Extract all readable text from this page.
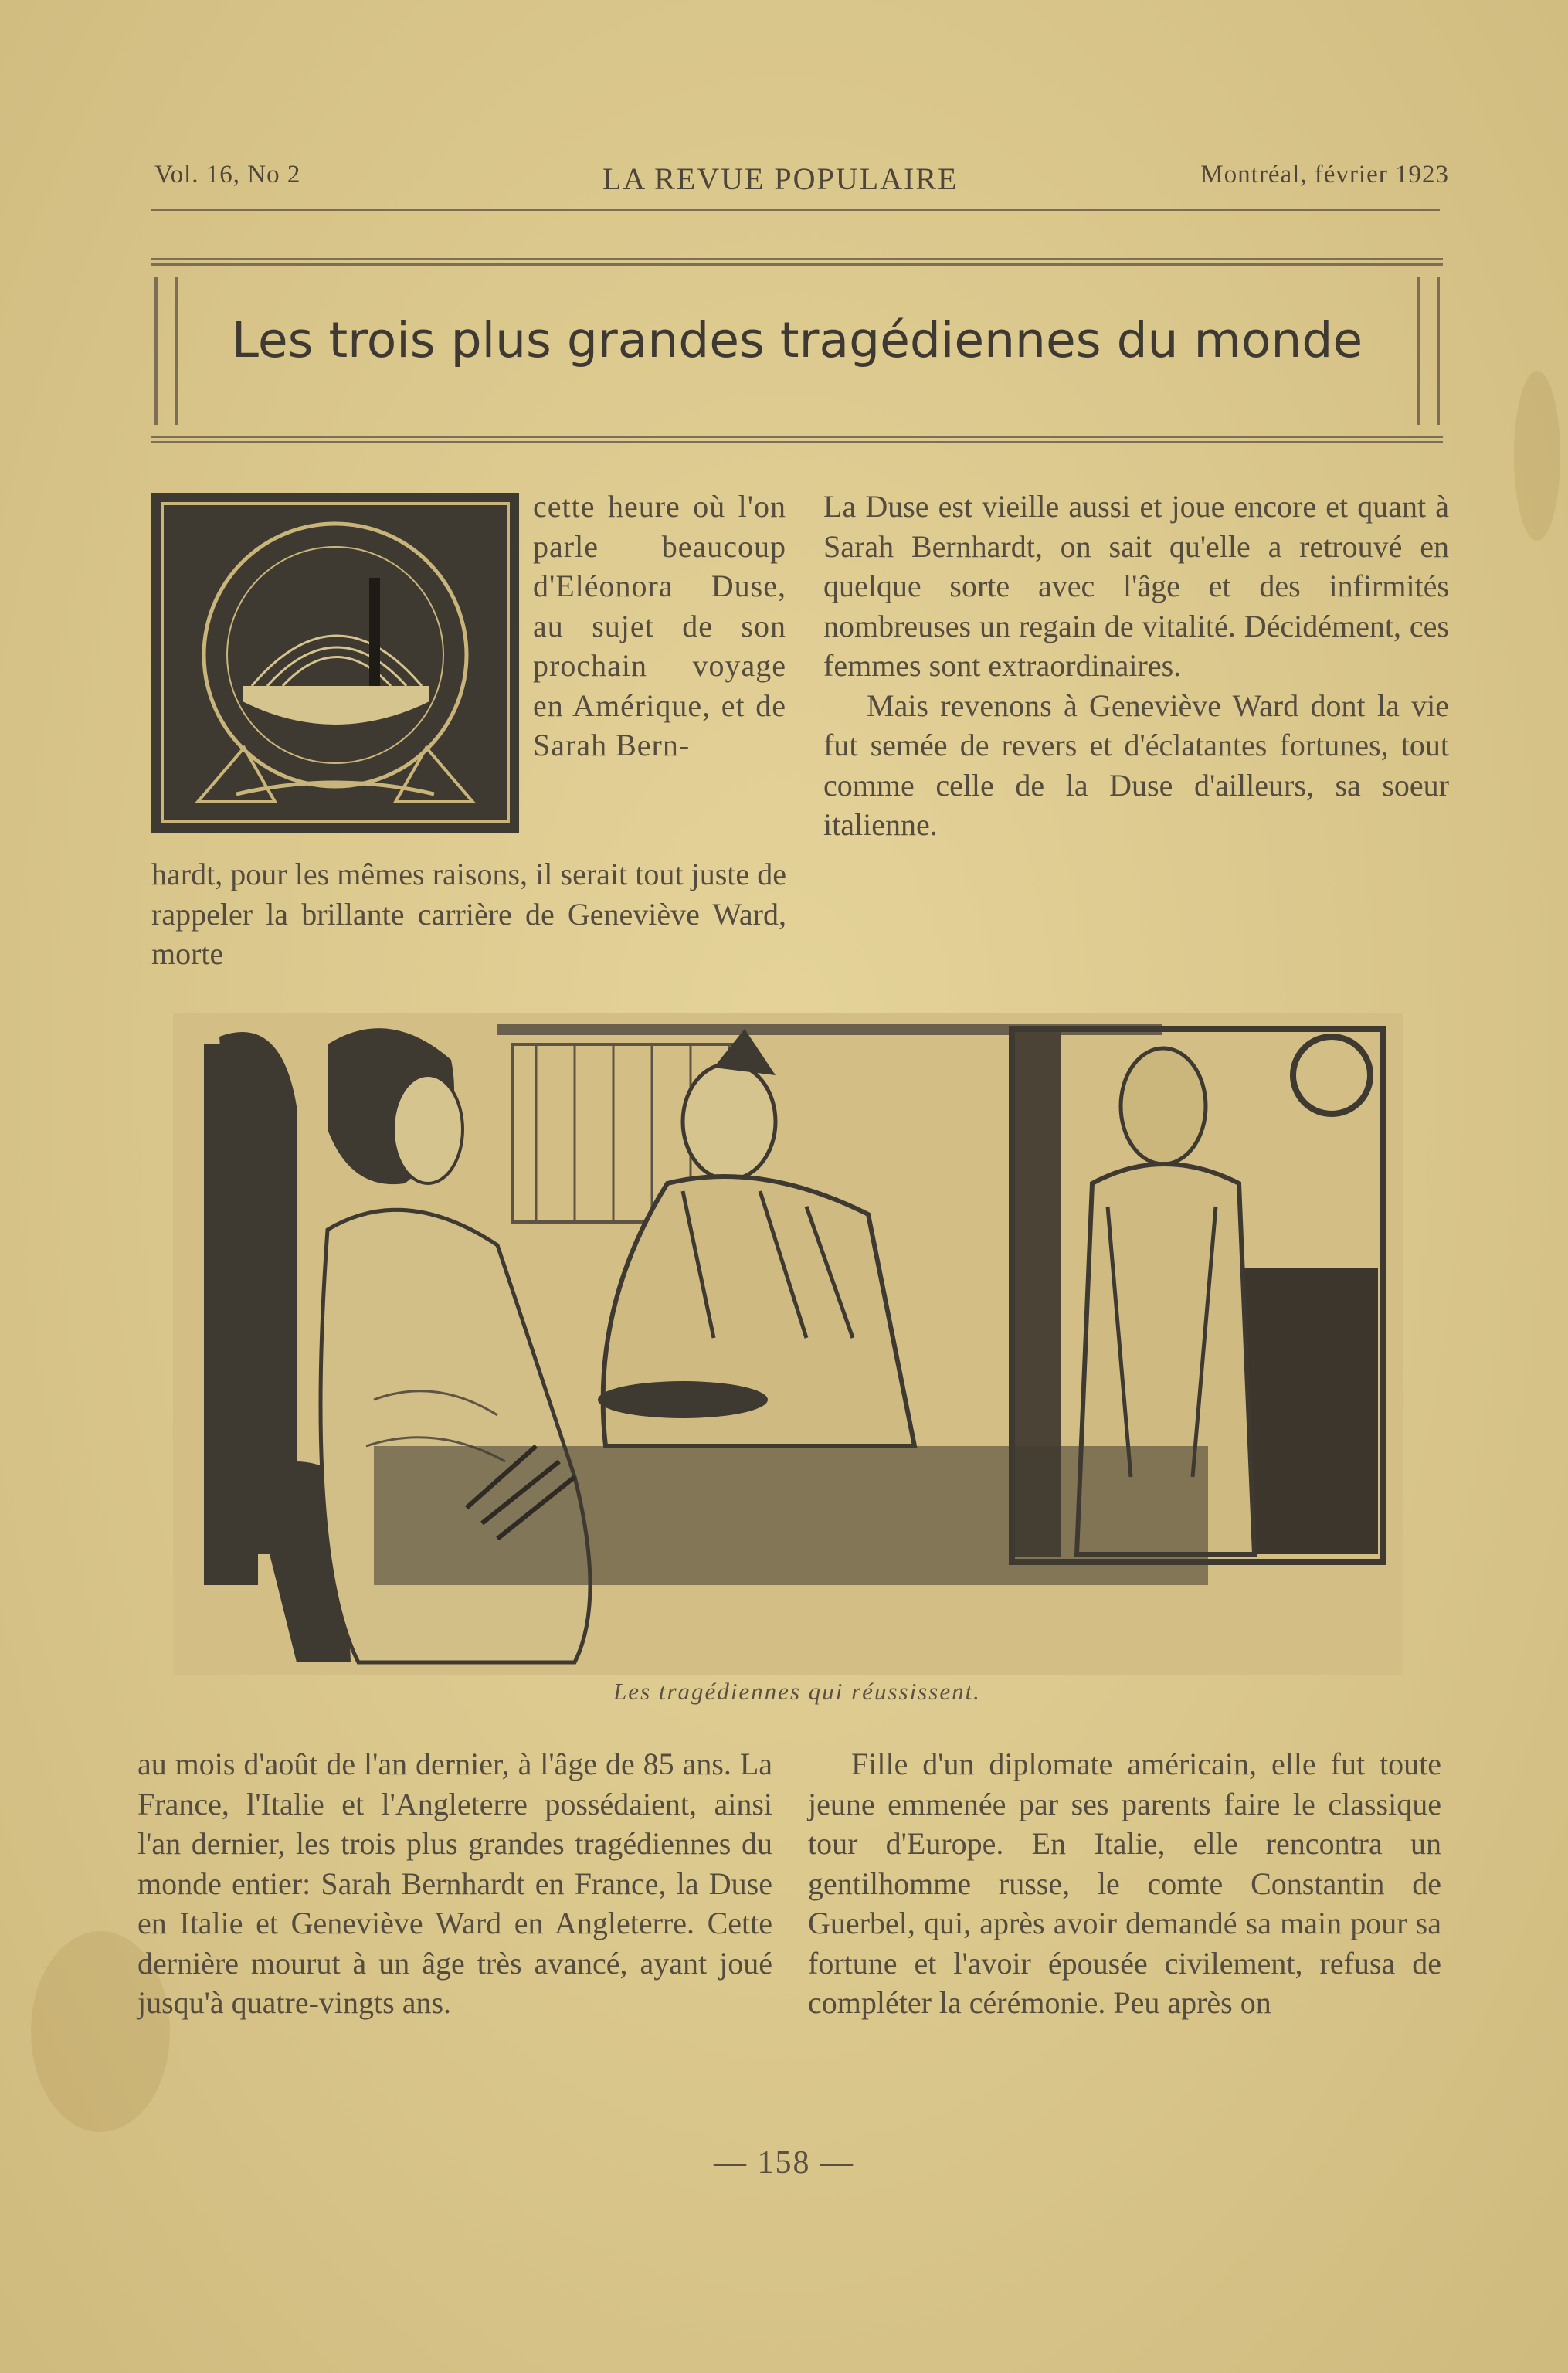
Vol. 16, No 2	LA REVUE POPULAIRE	Montréal, février 1923
Les trois plus grandes tragédiennes du monde

cette heure où l'on parle beaucoup d'Eléonora Duse, au sujet de son prochain voyage en Amérique, et de Sarah Bern-

hardt, pour les mêmes raisons, il serait tout juste de rappeler la brillante carrière de Geneviève Ward, morte

La Duse est vieille aussi et joue encore et quant à Sarah Bernhardt, on sait qu'elle a retrouvé en quelque sorte avec l'âge et des infirmités nombreuses un regain de vitalité. Décidément, ces femmes sont extraordinaires.

Mais revenons à Geneviève Ward dont la vie fut semée de revers et d'éclatantes fortunes, tout comme celle de la Duse d'ailleurs, sa soeur italienne.

Les tragédiennes qui réussissent.

au mois d'août de l'an dernier, à l'âge de 85 ans. La France, l'Italie et l'Angleterre possédaient, ainsi l'an dernier, les trois plus grandes tragédiennes du monde entier: Sarah Bernhardt en France, la Duse en Italie et Geneviève Ward en Angleterre. Cette dernière mourut à un âge très avancé, ayant joué jusqu'à quatre-vingts ans.

Fille d'un diplomate américain, elle fut toute jeune emmenée par ses parents faire le classique tour d'Europe. En Italie, elle rencontra un gentilhomme russe, le comte Constantin de Guerbel, qui, après avoir demandé sa main pour sa fortune et l'avoir épousée civilement, refusa de compléter la cérémonie. Peu après on

— 158 —
